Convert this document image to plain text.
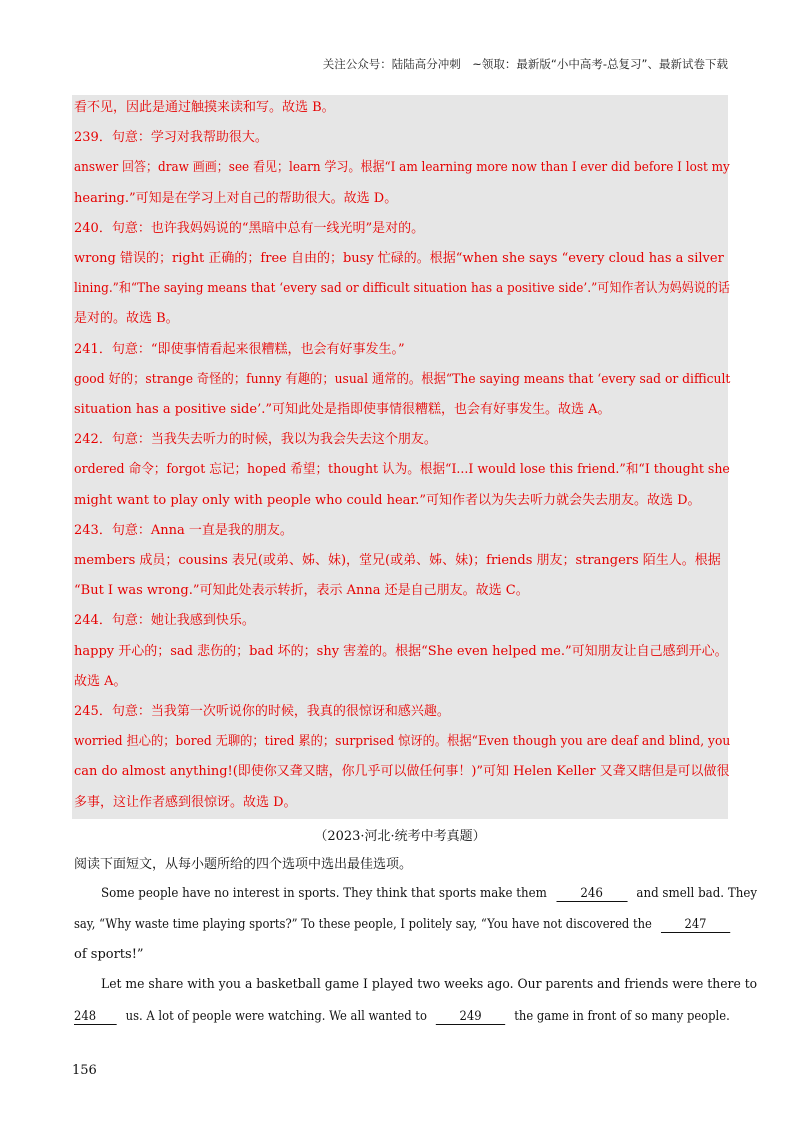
关注公众号：陆陆高分冲刺　~领取：最新版“小中高考-总复习”、最新试卷下载
看不见，因此是通过触摸来读和写。故选 B。
239．句意：学习对我帮助很大。
answer 回答；draw 画画；see 看见；learn 学习。根据“I am learning more now than I ever did before I lost my
hearing.”可知是在学习上对自己的帮助很大。故选 D。
240．句意：也许我妈妈说的“黑暗中总有一线光明”是对的。
wrong 错误的；right 正确的；free 自由的；busy 忙碌的。根据“when she says “every cloud has a silver
lining.”和“The saying means that ‘every sad or difficult situation has a positive side’.”可知作者认为妈妈说的话
是对的。故选 B。
241．句意：“即使事情看起来很糟糕，也会有好事发生。”
good 好的；strange 奇怪的；funny 有趣的；usual 通常的。根据“The saying means that ‘every sad or difficult
situation has a positive side’.”可知此处是指即使事情很糟糕，也会有好事发生。故选 A。
242．句意：当我失去听力的时候，我以为我会失去这个朋友。
ordered 命令；forgot 忘记；hoped 希望；thought 认为。根据“I...I would lose this friend.”和“I thought she
might want to play only with people who could hear.”可知作者以为失去听力就会失去朋友。故选 D。
243．句意：Anna 一直是我的朋友。
members 成员；cousins 表兄(或弟、姊、妹)，堂兄(或弟、姊、妹)；friends 朋友；strangers 陌生人。根据
“But I was wrong.”可知此处表示转折，表示 Anna 还是自己朋友。故选 C。
244．句意：她让我感到快乐。
happy 开心的；sad 悲伤的；bad 坏的；shy 害羞的。根据“She even helped me.”可知朋友让自己感到开心。
故选 A。
245．句意：当我第一次听说你的时候，我真的很惊讶和感兴趣。
worried 担心的；bored 无聊的；tired 累的；surprised 惊讶的。根据“Even though you are deaf and blind, you
can do almost anything!(即使你又聋又瞎，你几乎可以做任何事！)”可知 Helen Keller 又聋又瞎但是可以做很
多事，这让作者感到很惊讶。故选 D。
（2023·河北·统考中考真题）
阅读下面短文，从每小题所给的四个选项中选出最佳选项。
Some people have no interest in sports. They think that sports make them	246	and smell bad. They
say, “Why waste time playing sports?” To these people, I politely say, “You have not discovered the	247
of sports!”
Let me share with you a basketball game I played two weeks ago. Our parents and friends were there to
248 us. A lot of people were watching. We all wanted to	249	the game in front of so many people.
156
